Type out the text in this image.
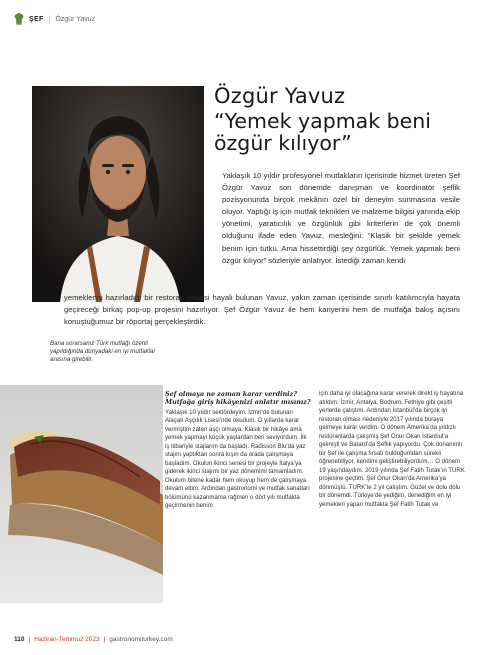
ŞEF | Özgür Yavuz
Bana sorarsanız Türk mutfağı özenli yapıldığında dünyadaki en iyi mutfaklar arasına girebilir.
Özgür Yavuz
“Yemek yapmak beni özgür kılıyor”
Yaklaşık 10 yıldır profesyonel mutfakların içerisinde hizmet üreten Şef Özgür Yavuz son dönemde danışman ve koordinatör şeflik pozisyonunda birçok mekânın özel bir deneyim sunmasına vesile oluyor. Yaptığı iş için mutfak teknikleri ve malzeme bilgisi yanında ekip yönetimi, yaratıcılık ve özgünlük gibi kriterlerin de çok önemli olduğunu ifade eden Yavuz, mesleğini: “Klasik bir şekilde yemek benim için tutku. Ama hissettirdiği şey özgürlük. Yemek yapmak beni özgür kılıyor” sözleriyle anlatıyor. İstediği zaman kendi

yemeklerini hazırladığı bir restoran projesi hayali bulunan Yavuz, yakın zaman içerisinde sınırlı katılımcıyla hayata geçireceği birkaç pop-up projesini hazırlıyor. Şef Özgür Yavuz ile hem kariyerini hem de mutfağa bakış açısını konuştuğumuz bir röportaj gerçekleştirdik.

Şef olmaya ne zaman karar verdiniz? Mutfağa giriş hikâyenizi anlatır mısınız?

Yaklaşık 10 yıldır sektördeyim. İzmir’de bulunan Alaçatı Aşçılık Lisesi’nde okudum. O yıllarda karar vermiştim zaten aşçı olmaya. Klasik bir hikâye ama yemek yapmayı küçük yaşlardan beri seviyordum. İlk iş itibariyle stajlarım da başladı. Radisson Blu’da yaz stajını yaptıktan sonra kışın da orada çalışmaya başladım. Okulun ikinci senesi bir projeyle İtalya’ya giderek ikinci stajımı bir yaz dönemimi tamamladım. Okulum bitene kadar hem okuyup hem de çalışmaya devam ettim. Ardından gastronomi ve mutfak sanatları bölümünü kazanmama rağmen o dört yılı mutfakta geçirmenin benim

için daha iyi olacağına karar vererek direkt iş hayatına atıldım. İzmir, Antalya, Bodrum, Fethiye gibi çeşitli yerlerde çalıştım. Ardından İstanbul’da birçok iyi restoran olması nedeniyle 2017 yılında buraya gelmeye karar verdim. O dönem Amerika’da yıldızlı restoranlarda çalışmış Şef Onur Okan İstanbul’a gelmişti ve Batard’da Şeflik yapıyordu. Çok donanımlı bir Şef ile çalışma fırsatı bulduğumdan sürekli öğrenebiliyor, kendimi geliştirebiliyordum… O dönem 19 yaşındaydım. 2019 yılında Şef Fatih Tutak’ın TURK projesine geçtim. Şef Onur Okan’da Amerika’ya dönmüştü. TURK’te 2 yıl çalıştım. Güzel ve dolu dolu bir dönemdi. Türkiye’de yediğim, denediğim en iyi yemekleri yapan mutfakta Şef Fatih Tutak ve

110 | Haziran-Temmuz 2023 | gastronomiturkey.com
